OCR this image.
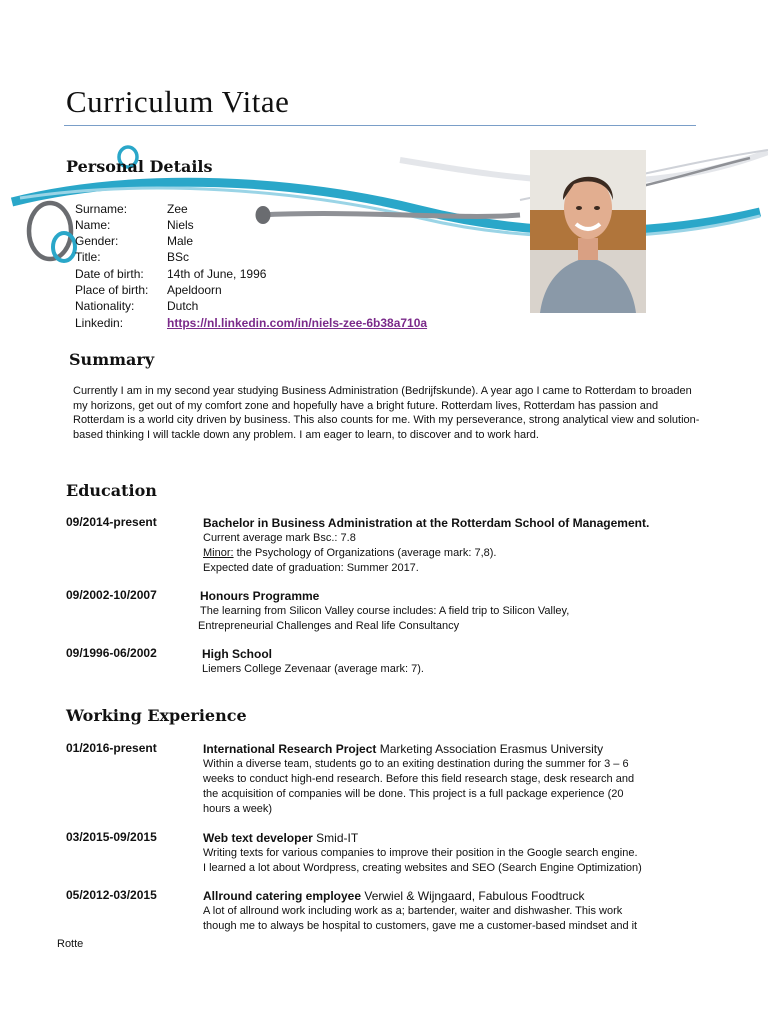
Curriculum Vitae
Personal Details
Surname:	Zee
Name:	Niels
Gender:	Male
Title:	BSc
Date of birth: 14th of June, 1996
Place of birth: Apeldoorn
Nationality:	Dutch
Linkedin:	https://nl.linkedin.com/in/niels-zee-6b38a710a
Summary
Currently I am in my second year studying Business Administration (Bedrijfskunde). A year ago I came to Rotterdam to broaden my horizons, get out of my comfort zone and hopefully have a bright future. Rotterdam lives, Rotterdam has passion and Rotterdam is a world city driven by business. This also counts for me. With my perseverance, strong analytical view and solution-based thinking I will tackle down any problem. I am eager to learn, to discover and to work hard.
Education
09/2014-present	Bachelor in Business Administration at the Rotterdam School of Management.
Current average mark Bsc.: 7.8
Minor: the Psychology of Organizations (average mark: 7,8).
Expected date of graduation: Summer 2017.
09/2002-10/2007	Honours Programme
The learning from Silicon Valley course includes: A field trip to Silicon Valley,
Entrepreneurial Challenges and Real life Consultancy
09/1996-06/2002	High School
Liemers College Zevenaar (average mark: 7).
Working Experience
01/2016-present	International Research Project Marketing Association Erasmus University
Within a diverse team, students go to an exiting destination during the summer for 3 – 6
weeks to conduct high-end research. Before this field research stage, desk research and
the acquisition of companies will be done. This project is a full package experience (20
hours a week)
03/2015-09/2015	Web text developer Smid-IT
Writing texts for various companies to improve their position in the Google search engine.
I learned a lot about Wordpress, creating websites and SEO (Search Engine Optimization)
05/2012-03/2015	Allround catering employee Verwiel & Wijngaard, Fabulous Foodtruck
A lot of allround work including work as a; bartender, waiter and dishwasher. This work
though me to always be hospital to customers, gave me a customer-based mindset and it
Rotte
